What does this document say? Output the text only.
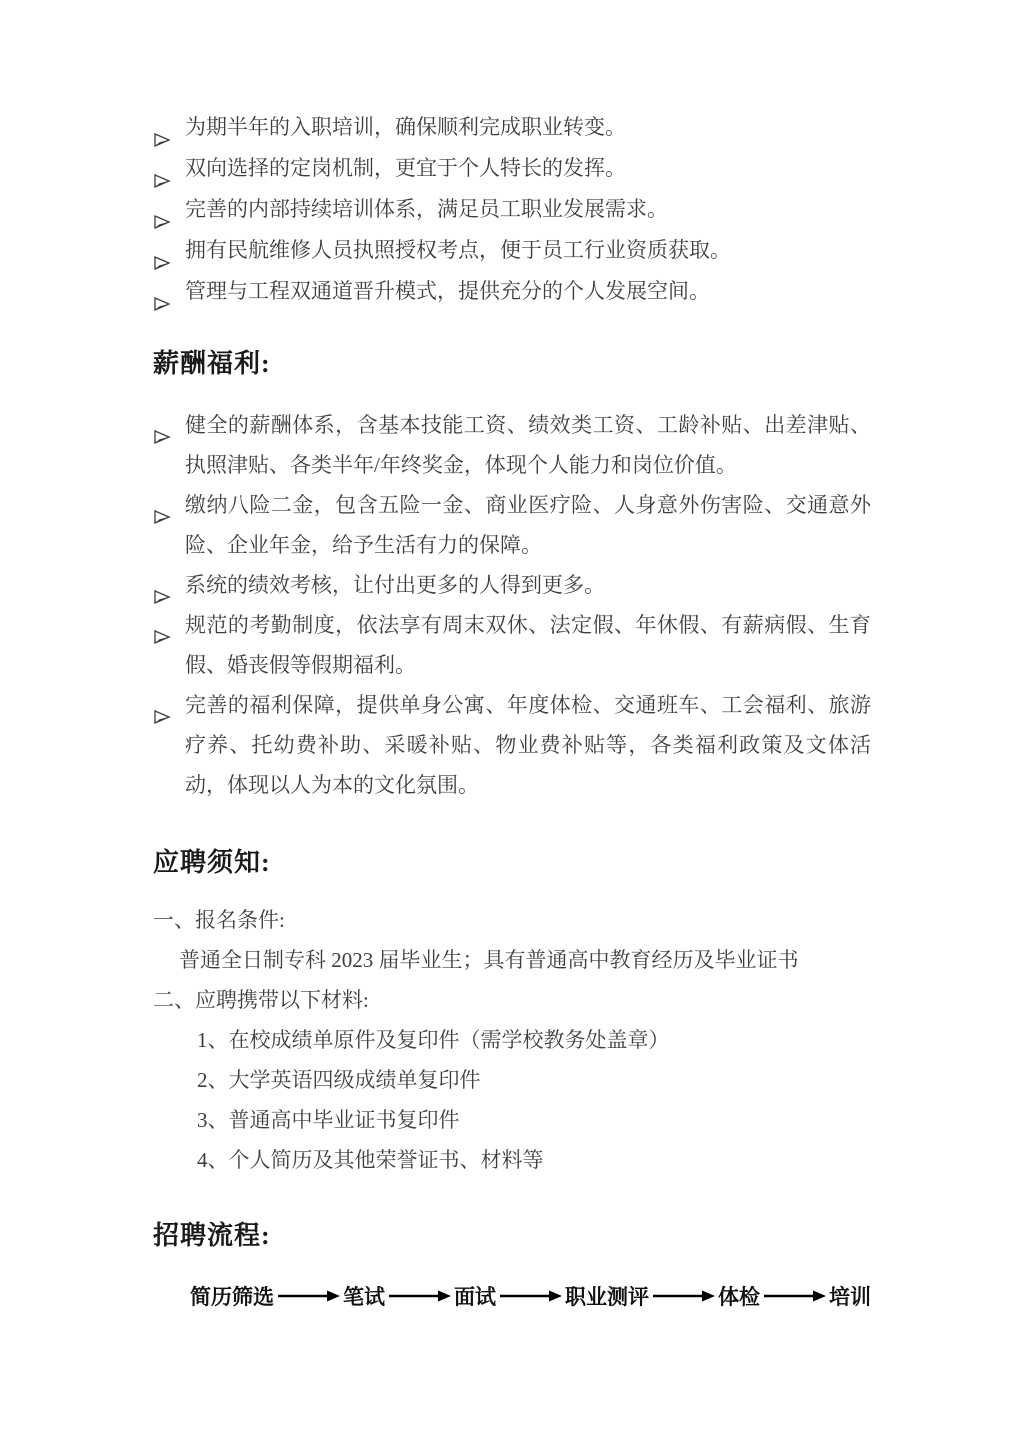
为期半年的入职培训，确保顺利完成职业转变。
双向选择的定岗机制，更宜于个人特长的发挥。
完善的内部持续培训体系，满足员工职业发展需求。
拥有民航维修人员执照授权考点，便于员工行业资质获取。
管理与工程双通道晋升模式，提供充分的个人发展空间。
薪酬福利:
健全的薪酬体系，含基本技能工资、绩效类工资、工龄补贴、出差津贴、执照津贴、各类半年/年终奖金，体现个人能力和岗位价值。
缴纳八险二金，包含五险一金、商业医疗险、人身意外伤害险、交通意外险、企业年金，给予生活有力的保障。
系统的绩效考核，让付出更多的人得到更多。
规范的考勤制度，依法享有周末双休、法定假、年休假、有薪病假、生育假、婚丧假等假期福利。
完善的福利保障，提供单身公寓、年度体检、交通班车、工会福利、旅游疗养、托幼费补助、采暖补贴、物业费补贴等，各类福利政策及文体活动，体现以人为本的文化氛围。
应聘须知:
一、报名条件:
普通全日制专科 2023 届毕业生；具有普通高中教育经历及毕业证书
二、应聘携带以下材料:
1、在校成绩单原件及复印件（需学校教务处盖章）
2、大学英语四级成绩单复印件
3、普通高中毕业证书复印件
4、个人简历及其他荣誉证书、材料等
招聘流程:
简历筛选	笔试	面试	职业测评	体检	培训
